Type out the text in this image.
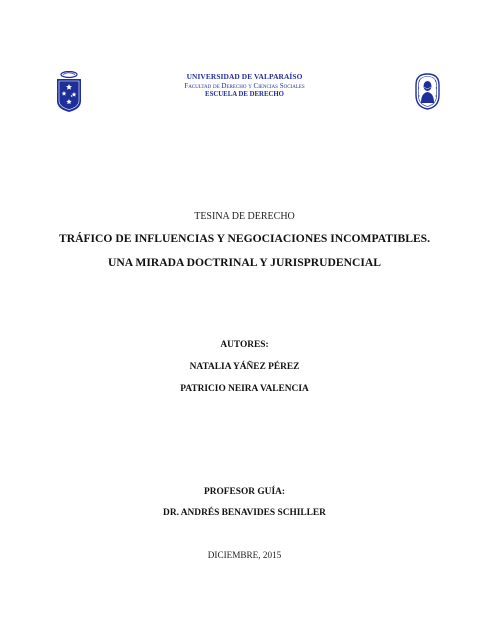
UNIVERSIDAD DE VALPARAÍSO
Facultad de Derecho y Ciencias Sociales
ESCUELA DE DERECHO
TESINA DE DERECHO
TRÁFICO DE INFLUENCIAS Y NEGOCIACIONES INCOMPATIBLES.
UNA MIRADA DOCTRINAL Y JURISPRUDENCIAL
AUTORES:
NATALIA YÁÑEZ PÉREZ
PATRICIO NEIRA VALENCIA
PROFESOR GUÍA:
DR. ANDRÉS BENAVIDES SCHILLER
DICIEMBRE, 2015
